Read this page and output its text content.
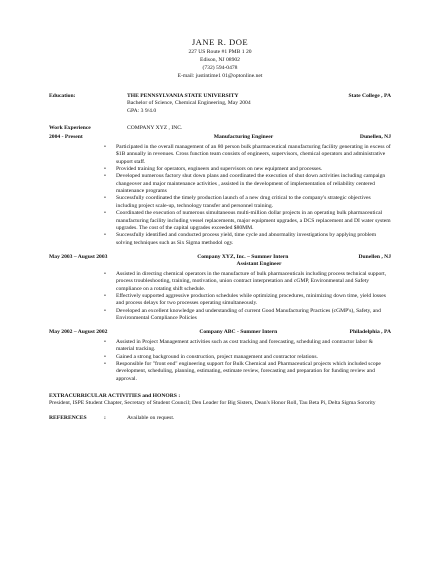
JANE R. DOE
227 US Route #1 PMB 1 20
Edison, NJ 08902
(732) 594-0478
E-mail: justintime1 01@optonline.net
Education:	THE PENNSYLVANIA STATE UNIVERSITY	State College , PA
Bachelor of Science, Chemical Engineering, May 2004
GPA: 3 9/4.0
Work Experience	COMPANY XYZ , INC.
2004 - Present	Manufacturing Engineer	Dunellen, NJ
• Participated in the overall management of an 80 person bulk pharmaceutical manufacturing facility generating in excess of $1B annually in revenues. Cross function team consists of engineers, supervisors, chemical operators and administrative support staff.
• Provided training for operators, engineers and supervisors on new equipment and processes.
• Developed numerous factory shut down plans and coordinated the execution of shut down activities including campaign changeover and major maintenance activities , assisted in the development of implementation of reliability centered maintenance programs
• Successfully coordinated the timely production launch of a new drug critical to the company's strategic objectives including project scale-up, technology transfer and personnel training.
• Coordinated the execution of numerous simultaneous multi-million dollar projects in an operating bulk pharmaceutical manufacturing facility including vessel replacements, major equipment upgrades, a DCS replacement and DI water system upgrades. The cost of the capital upgrades exceeded $80MM.
• Successfully identified and conducted process yield, time cycle and abnormality investigations by applying problem solving techniques such as Six Sigma methodol ogy.
May 2003 – August 2003	Company XYZ, Inc. – Summer Intern	Dunellen , NJ
Assistant Engineer
• Assisted in directing chemical operators in the manufacture of bulk pharmaceuticals including process technical support, process troubleshooting, training, motivation, union contract interpretation and cGMP, Environmental and Safety compliance on a rotating shift schedule.
• Effectively supported aggressive production schedules while optimizing procedures, minimizing down time, yield losses and process delays for two processes operating simultaneously.
• Developed an excellent knowledge and understanding of current Good Manufacturing Practices (cGMP's), Safety, and Environmental Compliance Policies
May 2002 – August 2002	Company ABC - Summer Intern	Philadelphia , PA
• Assisted in Project Management activities such as cost tracking and forecasting, scheduling and contractor labor & material tracking.
• Gained a strong background in construction, project management and contractor relations.
• Responsible for "front end" engineering support for Bulk Chemical and Pharmaceutical projects which included scope development, scheduling, planning, estimating, estimate review, forecasting and preparation for funding review and approval.
EXTRACURRICULAR ACTIVITIES and HONORS :
President, ISPE Student Chapter, Secretary of Student Council; Den Leader for Big Sisters, Dean's Honor Roll, Tau Beta Pi, Delta Sigma Sorority
REFERENCES	:	Available on request.
